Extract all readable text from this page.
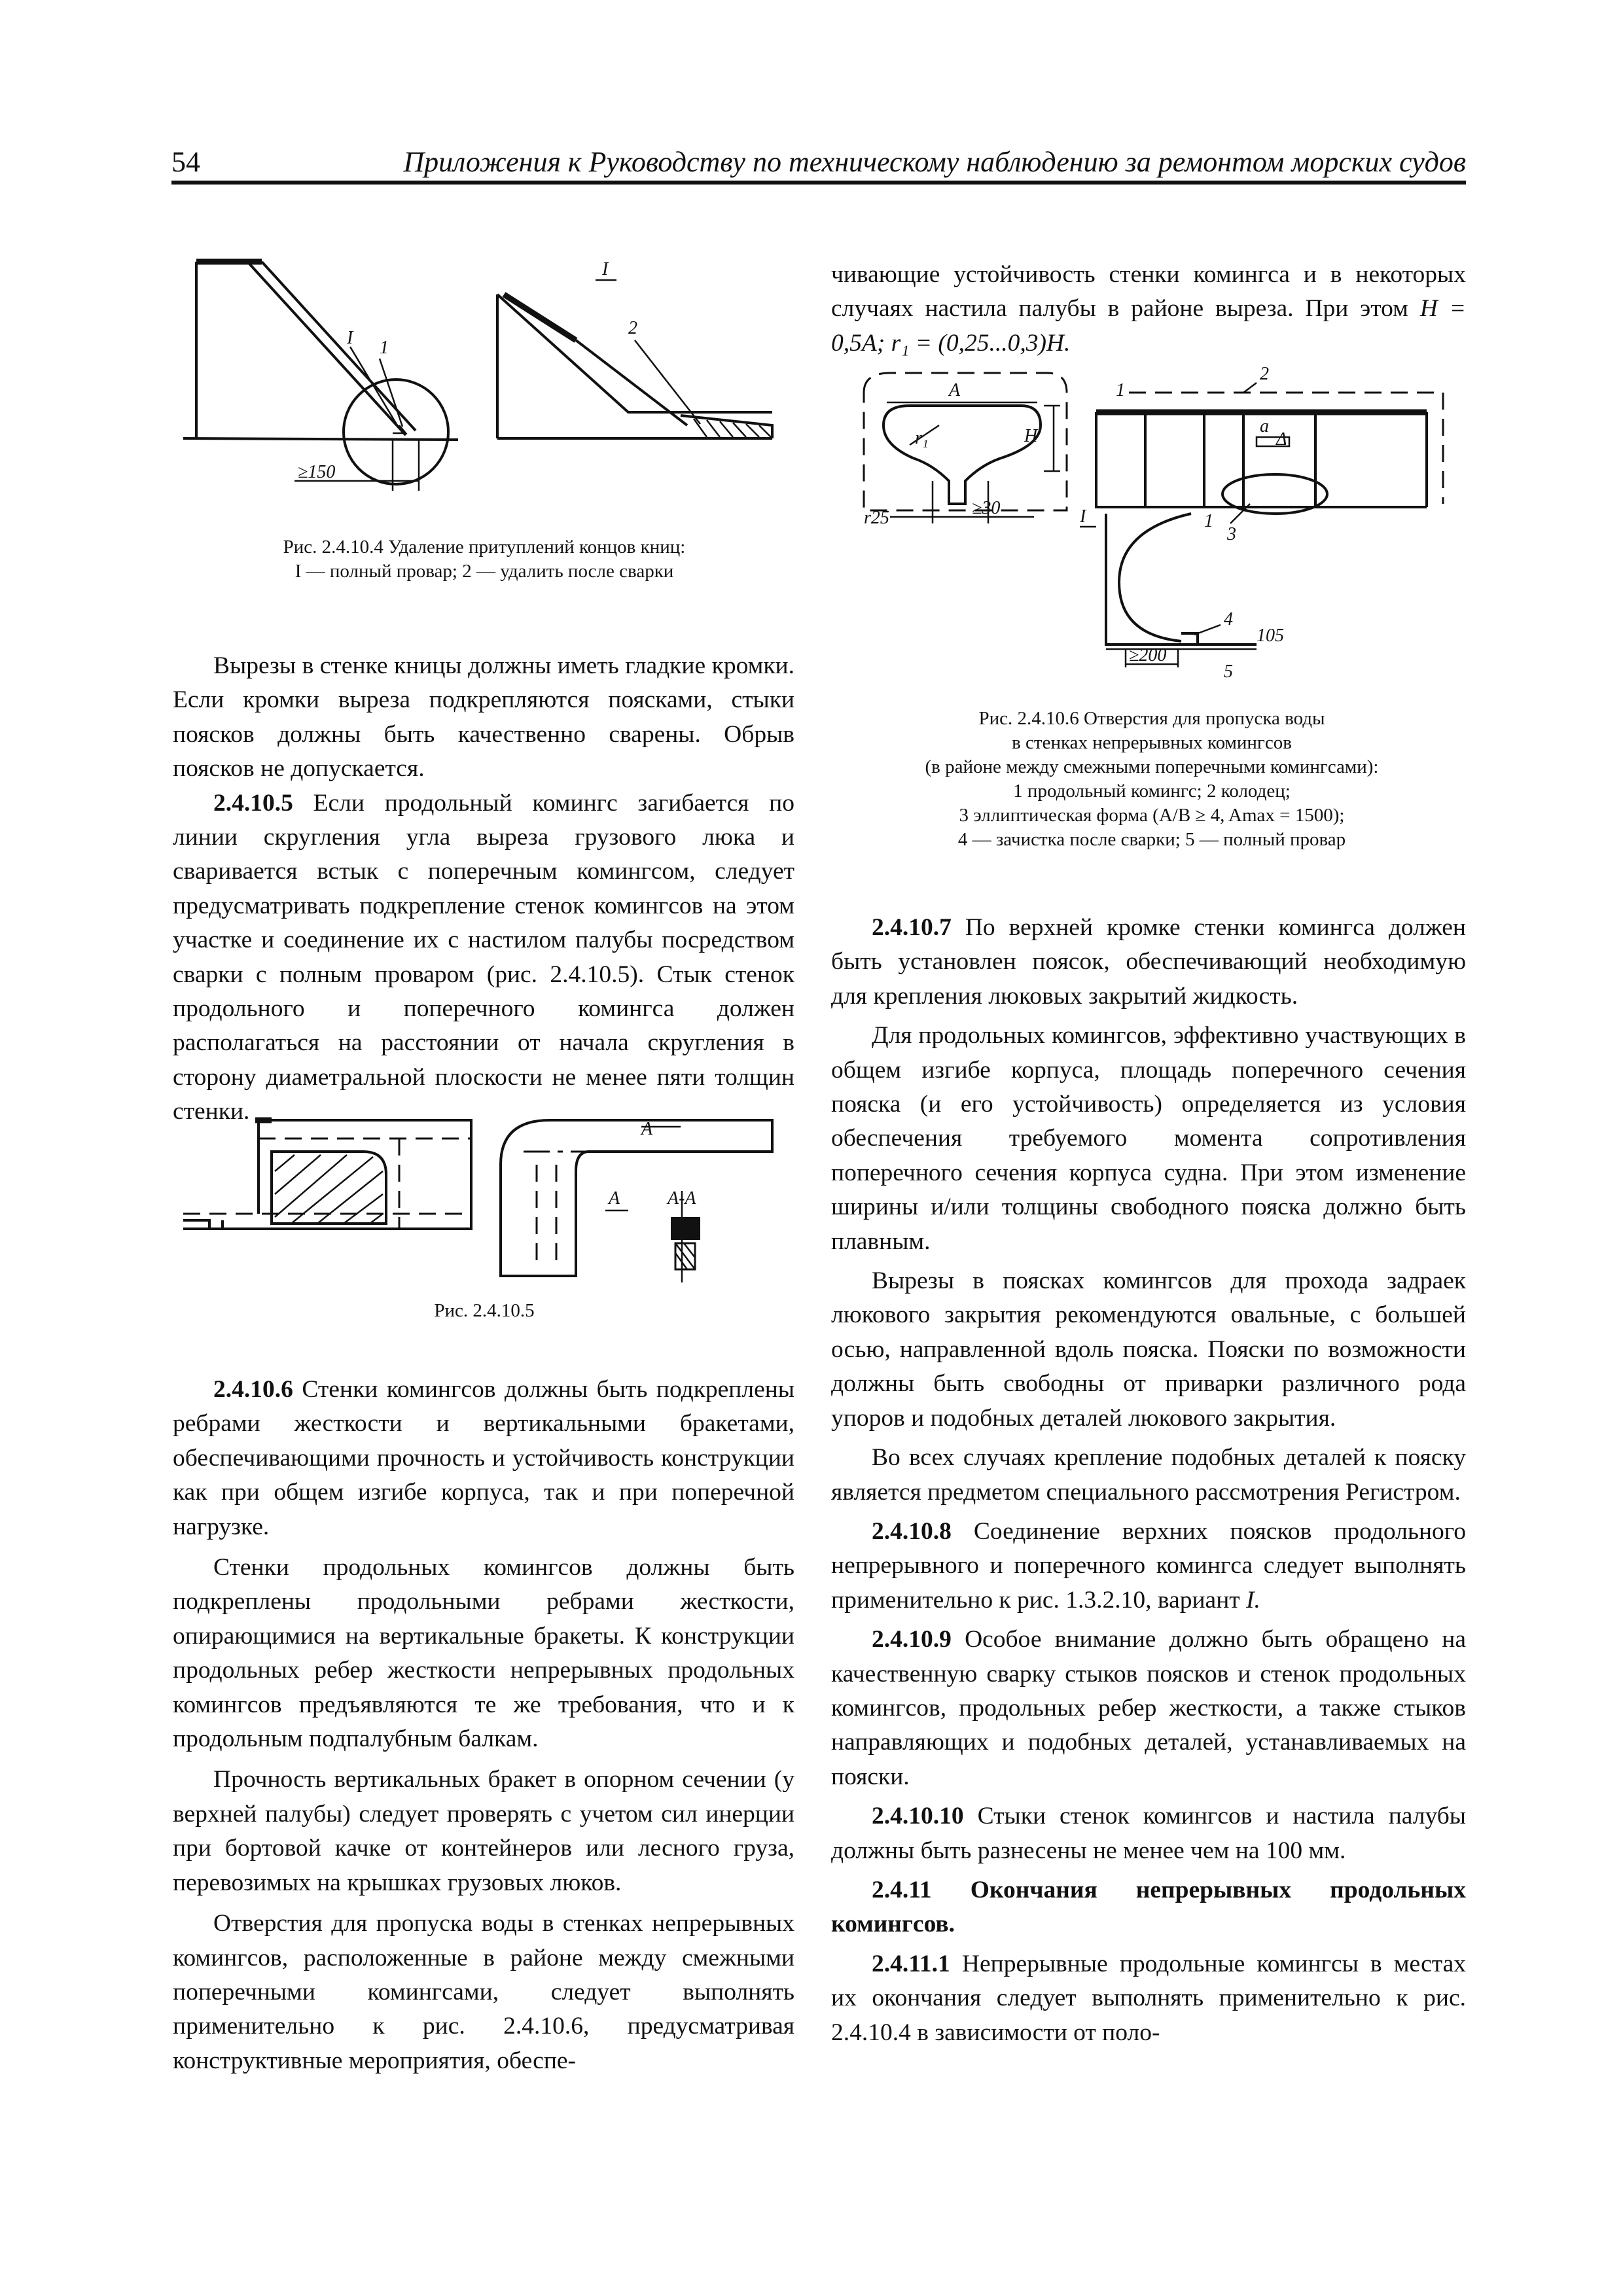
54	Приложения к Руководству по техническому наблюдению за ремонтом морских судов
I 1
≥150
I
2
Рис. 2.4.10.4 Удаление притуплений концов книц:
I — полный провар; 2 — удалить после сварки

Вырезы в стенке кницы должны иметь гладкие кромки. Если кромки выреза подкрепляются поясками, стыки поясков должны быть качественно сварены. Обрыв поясков не допускается.

2.4.10.5 Если продольный комингс загибается по линии скругления угла выреза грузового люка и сваривается встык с поперечным комингсом, следует предусматривать подкрепление стенок комингсов на этом участке и соединение их с настилом палубы посредством сварки с полным проваром (рис. 2.4.10.5). Стык стенок продольного и поперечного комингса должен располагаться на расстоянии от начала скругления в сторону диаметральной плоскости не менее пяти толщин стенки.

A
A	A-A
Рис. 2.4.10.5

2.4.10.6 Стенки комингсов должны быть подкреплены ребрами жесткости и вертикальными бракетами, обеспечивающими прочность и устойчивость конструкции как при общем изгибе корпуса, так и при поперечной нагрузке.

Стенки продольных комингсов должны быть подкреплены продольными ребрами жесткости, опирающимися на вертикальные бракеты. К конструкции продольных ребер жесткости непрерывных продольных комингсов предъявляются те же требования, что и к продольным подпалубным балкам.

Прочность вертикальных бракет в опорном сечении (у верхней палубы) следует проверять с учетом сил инерции при бортовой качке от контейнеров или лесного груза, перевозимых на крышках грузовых люков.

Отверстия для пропуска воды в стенках непрерывных комингсов, расположенные в районе между смежными поперечными комингсами, следует выполнять применительно к рис. 2.4.10.6, предусматривая конструктивные мероприятия, обеспе-

чивающие устойчивость стенки комингса и в некоторых случаях настила палубы в районе выреза. При этом H = 0,5A; r₁ = (0,25...0,3)H.

A
H
r₁
r25	≥30
a
Δ
1
2
I	1
3
4
5
≥200
105
Рис. 2.4.10.6 Отверстия для пропуска воды
в стенках непрерывных комингсов
(в районе между смежными поперечными комингсами):
1 продольный комингс; 2 колодец;
3 эллиптическая форма (A/B ≥ 4, Amax = 1500);
4 — зачистка после сварки; 5 — полный провар

2.4.10.7 По верхней кромке стенки комингса должен быть установлен поясок, обеспечивающий необходимую для крепления люковых закрытий жидкость.

Для продольных комингсов, эффективно участвующих в общем изгибе корпуса, площадь поперечного сечения пояска (и его устойчивость) определяется из условия обеспечения требуемого момента сопротивления поперечного сечения корпуса судна. При этом изменение ширины и/или толщины свободного пояска должно быть плавным.

Вырезы в поясках комингсов для прохода задраек люкового закрытия рекомендуются овальные, с большей осью, направленной вдоль пояска. Пояски по возможности должны быть свободны от приварки различного рода упоров и подобных деталей люкового закрытия.

Во всех случаях крепление подобных деталей к пояску является предметом специального рассмотрения Регистром.

2.4.10.8 Соединение верхних поясков продольного непрерывного и поперечного комингса следует выполнять применительно к рис. 1.3.2.10, вариант I.

2.4.10.9 Особое внимание должно быть обращено на качественную сварку стыков поясков и стенок продольных комингсов, продольных ребер жесткости, а также стыков направляющих и подобных деталей, устанавливаемых на пояски.

2.4.10.10 Стыки стенок комингсов и настила палубы должны быть разнесены не менее чем на 100 мм.

2.4.11 Окончания непрерывных продольных комингсов.

2.4.11.1 Непрерывные продольные комингсы в местах их окончания следует выполнять применительно к рис. 2.4.10.4 в зависимости от поло-
